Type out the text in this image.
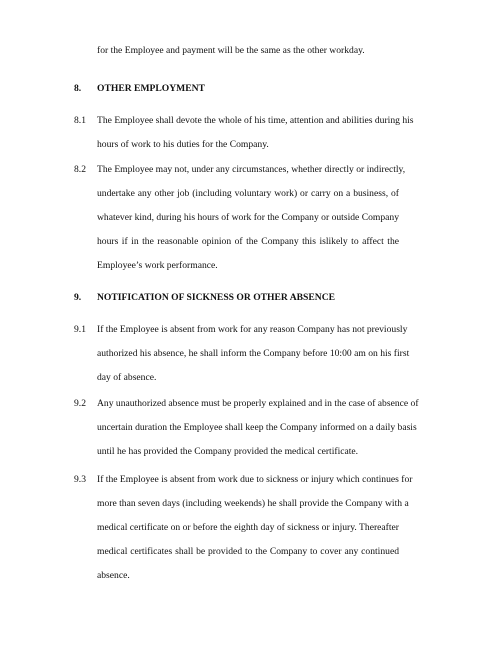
for the Employee and payment will be the same as the other workday.
8. OTHER EMPLOYMENT
8.1 The Employee shall devote the whole of his time, attention and abilities during his
hours of work to his duties for the Company.
8.2 The Employee may not, under any circumstances, whether directly or indirectly,
undertake any other job (including voluntary work) or carry on a business, of
whatever kind, during his hours of work for the Company or outside Company
hours if in the reasonable opinion of the Company this islikely to affect the
Employee’s work performance.
9. NOTIFICATION OF SICKNESS OR OTHER ABSENCE
9.1 If the Employee is absent from work for any reason Company has not previously
authorized his absence, he shall inform the Company before 10:00 am on his first
day of absence.
9.2 Any unauthorized absence must be properly explained and in the case of absence of
uncertain duration the Employee shall keep the Company informed on a daily basis
until he has provided the Company provided the medical certificate.
9.3 If the Employee is absent from work due to sickness or injury which continues for
more than seven days (including weekends) he shall provide the Company with a
medical certificate on or before the eighth day of sickness or injury. Thereafter
medical certificates shall be provided to the Company to cover any continued
absence.
